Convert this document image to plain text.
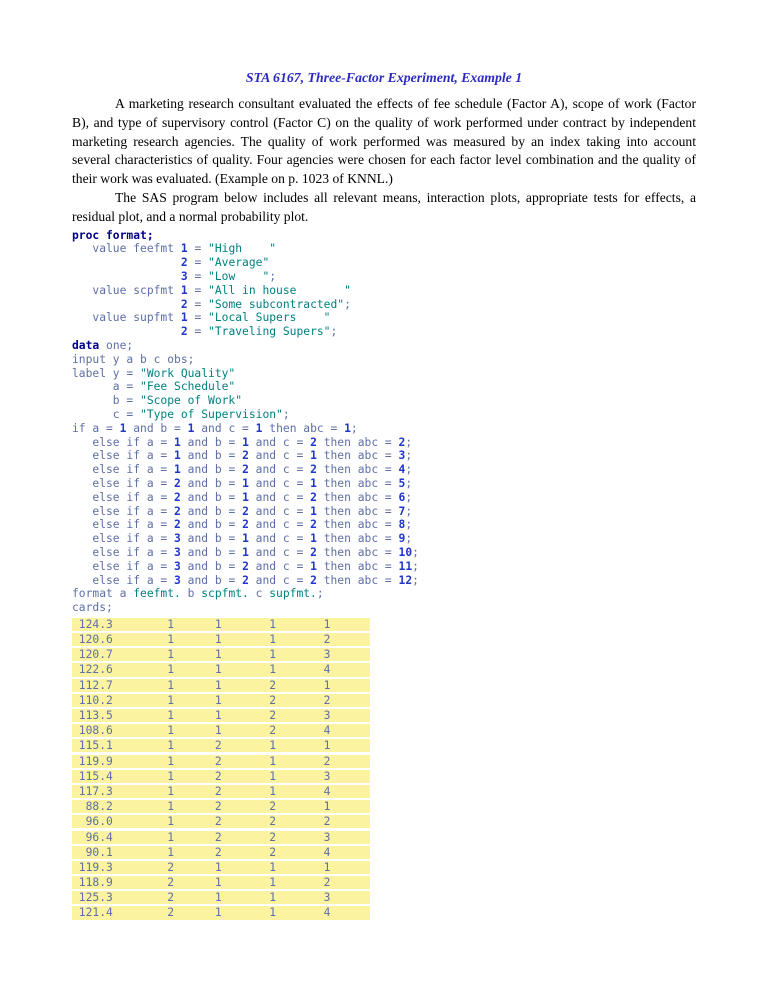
STA 6167, Three-Factor Experiment, Example 1

A marketing research consultant evaluated the effects of fee schedule (Factor A), scope of work (Factor B), and type of supervisory control (Factor C) on the quality of work performed under contract by independent marketing research agencies. The quality of work performed was measured by an index taking into account several characteristics of quality. Four agencies were chosen for each factor level combination and the quality of their work was evaluated. (Example on p. 1023 of KNNL.)

The SAS program below includes all relevant means, interaction plots, appropriate tests for effects, a residual plot, and a normal probability plot.

proc format;
value feefmt 1 = "High    "
2 = "Average"
3 = "Low    ";
value scpfmt 1 = "All in house       "
2 = "Some subcontracted";
value supfmt 1 = "Local Supers    "
2 = "Traveling Supers";
data one;
input y a b c obs;
label y = "Work Quality"
a = "Fee Schedule"
b = "Scope of Work"
c = "Type of Supervision";
if a = 1 and b = 1 and c = 1 then abc = 1;
else if a = 1 and b = 1 and c = 2 then abc = 2;
else if a = 1 and b = 2 and c = 1 then abc = 3;
else if a = 1 and b = 2 and c = 2 then abc = 4;
else if a = 2 and b = 1 and c = 1 then abc = 5;
else if a = 2 and b = 1 and c = 2 then abc = 6;
else if a = 2 and b = 2 and c = 1 then abc = 7;
else if a = 2 and b = 2 and c = 2 then abc = 8;
else if a = 3 and b = 1 and c = 1 then abc = 9;
else if a = 3 and b = 1 and c = 2 then abc = 10;
else if a = 3 and b = 2 and c = 1 then abc = 11;
else if a = 3 and b = 2 and c = 2 then abc = 12;
format a feefmt. b scpfmt. c supfmt.;
cards;
124.3        1      1       1       1
120.6        1      1       1       2
120.7        1      1       1       3
122.6        1      1       1       4
112.7        1      1       2       1
110.2        1      1       2       2
113.5        1      1       2       3
108.6        1      1       2       4
115.1        1      2       1       1
119.9        1      2       1       2
115.4        1      2       1       3
117.3        1      2       1       4
88.2        1      2       2       1
96.0        1      2       2       2
96.4        1      2       2       3
90.1        1      2       2       4
119.3        2      1       1       1
118.9        2      1       1       2
125.3        2      1       1       3
121.4        2      1       1       4
